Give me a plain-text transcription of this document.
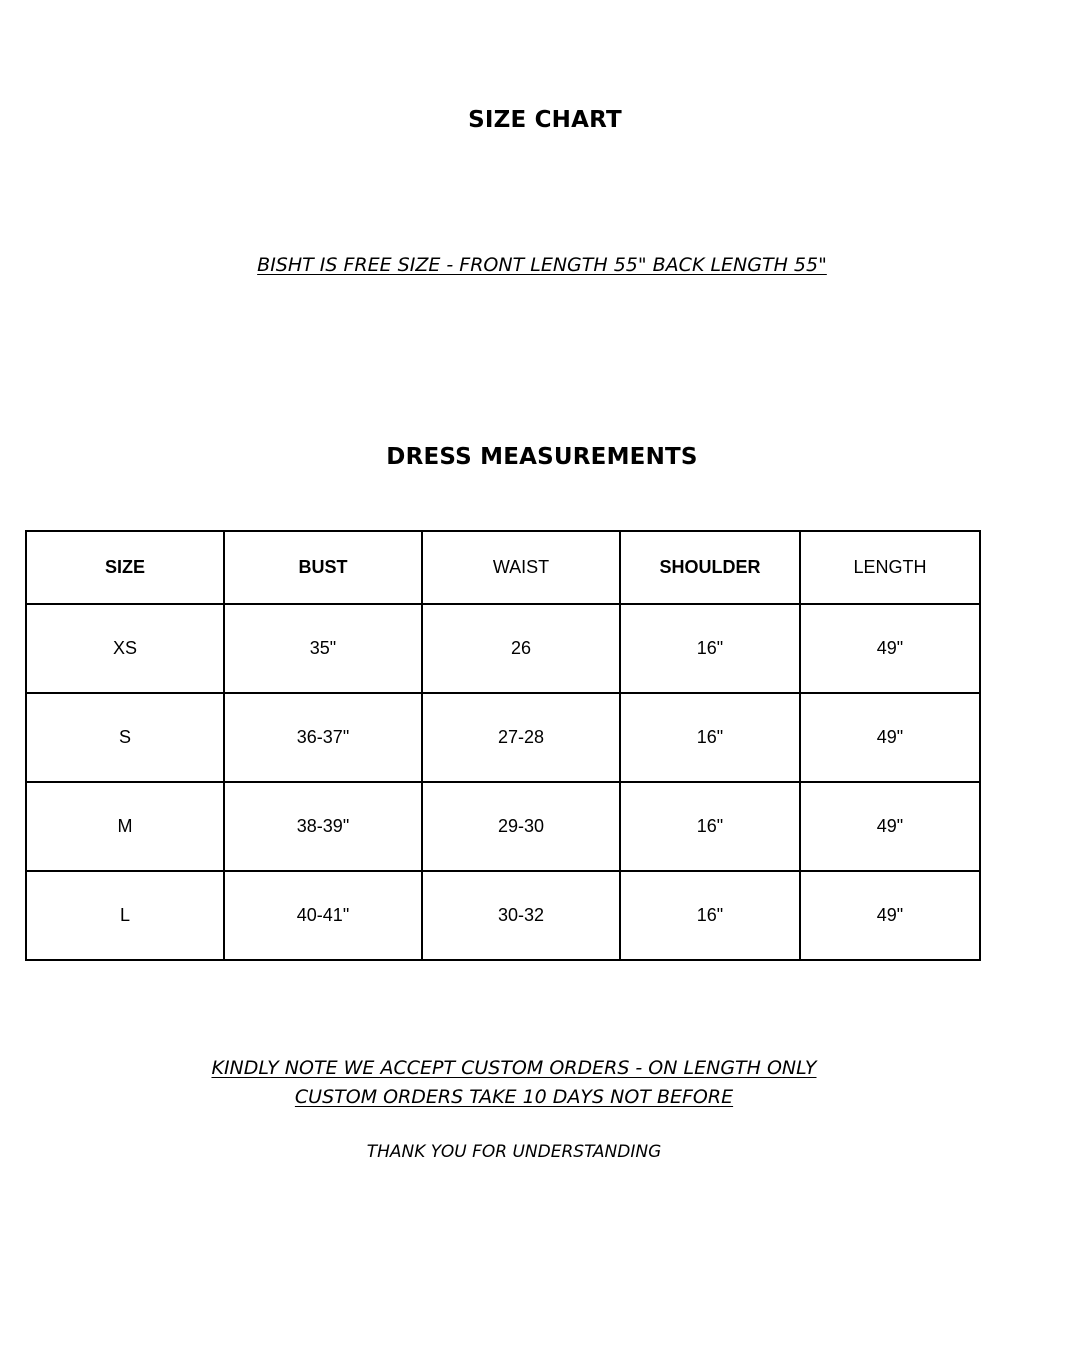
SIZE CHART

BISHT IS FREE SIZE - FRONT LENGTH 55" BACK LENGTH 55"

DRESS MEASUREMENTS
SIZE	BUST	WAIST	SHOULDER	LENGTH
XS	35"	26	16"	49"
S	36-37"	27-28	16"	49"
M	38-39"	29-30	16"	49"
L	40-41"	30-32	16"	49"

KINDLY NOTE WE ACCEPT CUSTOM ORDERS - ON LENGTH ONLY

CUSTOM ORDERS TAKE 10 DAYS NOT BEFORE

THANK YOU FOR UNDERSTANDING
